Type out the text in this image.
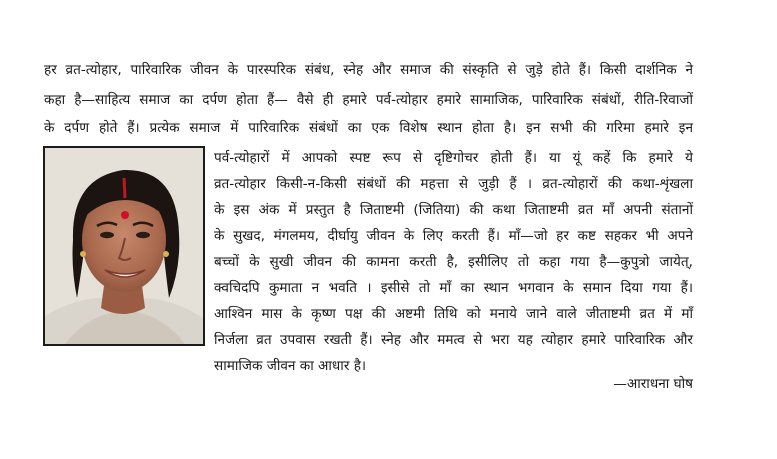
हर व्रत-त्योहार, पारिवारिक जीवन के पारस्परिक संबंध, स्नेह और समाज की संस्कृति से जुड़े होते हैं। किसी दार्शनिक ने
कहा है—साहित्य समाज का दर्पण होता हैं— वैसे ही हमारे पर्व-त्योहार हमारे सामाजिक, पारिवारिक संबंधों, रीति-रिवाजों
के दर्पण होते हैं। प्रत्येक समाज में पारिवारिक संबंधों का एक विशेष स्थान होता है। इन सभी की गरिमा हमारे इन
पर्व-त्योहारों में आपको स्पष्ट रूप से दृष्टिगोचर होती हैं। या यूं कहें कि हमारे ये
व्रत-त्योहार किसी-न-किसी संबंधों की महत्ता से जुड़ी हैं । व्रत-त्योहारों की कथा-शृंखला
के इस अंक में प्रस्तुत है जिताष्टमी (जितिया) की कथा जिताष्टमी व्रत माँ अपनी संतानों
के सुखद, मंगलमय, दीर्घायु जीवन के लिए करती हैं। माँ—जो हर कष्ट सहकर भी अपने
बच्चों के सुखी जीवन की कामना करती है, इसीलिए तो कहा गया है—कुपुत्रो जायेत्,
क्वचिदपि कुमाता न भवति । इसीसे तो माँ का स्थान भगवान के समान दिया गया हैं।
आश्विन मास के कृष्ण पक्ष की अष्टमी तिथि को मनाये जाने वाले जीताष्टमी व्रत में माँ
निर्जला व्रत उपवास रखती हैं। स्नेह और ममत्व से भरा यह त्योहार हमारे पारिवारिक और
सामाजिक जीवन का आधार है।
—आराधना घोष
